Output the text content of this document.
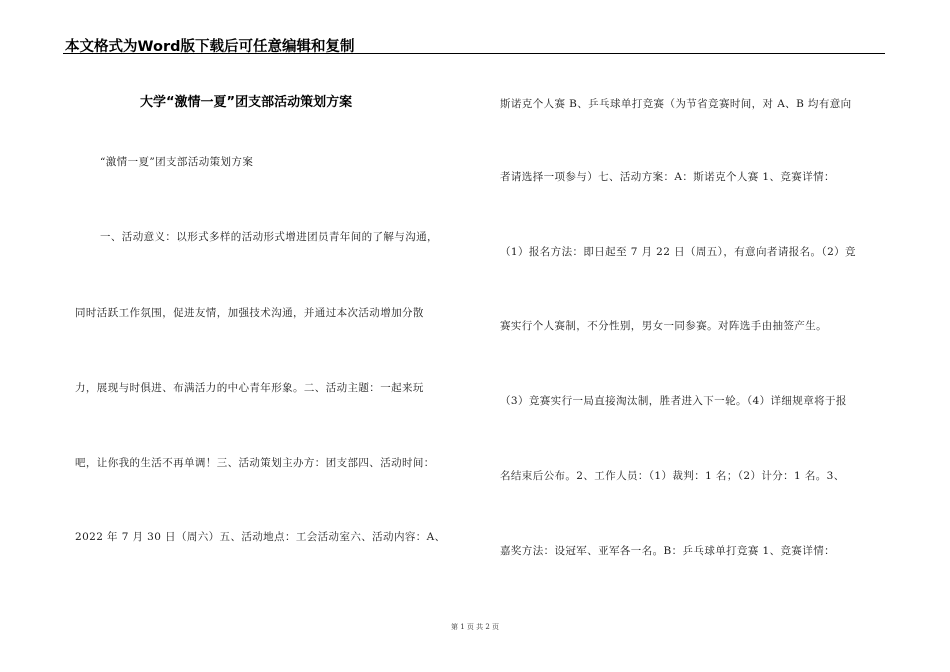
本文格式为Word版下载后可任意编辑和复制
大学“激情一夏”团支部活动策划方案
“激情一夏”团支部活动策划方案
一、活动意义：以形式多样的活动形式增进团员青年间的了解与沟通，
同时活跃工作氛围，促进友情，加强技术沟通，并通过本次活动增加分散
力，展现与时俱进、布满活力的中心青年形象。二、活动主题：一起来玩
吧，让你我的生活不再单调！三、活动策划主办方：团支部四、活动时间：
2022 年 7 月 30 日（周六）五、活动地点：工会活动室六、活动内容：A、
斯诺克个人赛 B、乒乓球单打竞赛（为节省竞赛时间，对 A、B 均有意向
者请选择一项参与）七、活动方案：A：斯诺克个人赛 1、竞赛详情：
（1）报名方法：即日起至 7 月 22 日（周五），有意向者请报名。（2）竞
赛实行个人赛制，不分性别，男女一同参赛。对阵选手由抽签产生。
（3）竞赛实行一局直接淘汰制，胜者进入下一轮。（4）详细规章将于报
名结束后公布。2、工作人员：（1）裁判：1 名；（2）计分：1 名。3、
嘉奖方法：设冠军、亚军各一名。B：乒乓球单打竞赛 1、竞赛详情：
第 1 页 共 2 页
